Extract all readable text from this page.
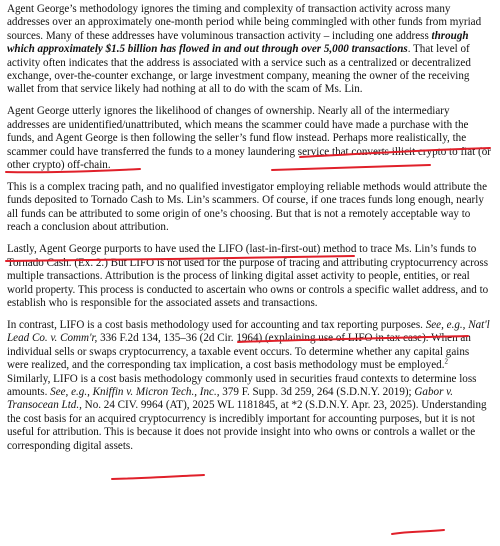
Agent George’s methodology ignores the timing and complexity of transaction activity across many addresses over an approximately one-month period while being commingled with other funds from myriad sources. Many of these addresses have voluminous transaction activity – including one address through which approximately $1.5 billion has flowed in and out through over 5,000 transactions. That level of activity often indicates that the address is associated with a service such as a centralized or decentralized exchange, over-the-counter exchange, or large investment company, meaning the owner of the receiving wallet from that service likely had nothing at all to do with the scam of Ms. Lin.

Agent George utterly ignores the likelihood of changes of ownership. Nearly all of the intermediary addresses are unidentified/unattributed, which means the scammer could have made a purchase with the funds, and Agent George is then following the seller’s fund flow instead. Perhaps more realistically, the scammer could have transferred the funds to a money laundering service that converts illicit crypto to fiat (or other crypto) off-chain.

This is a complex tracing path, and no qualified investigator employing reliable methods would attribute the funds deposited to Tornado Cash to Ms. Lin’s scammers. Of course, if one traces funds long enough, nearly all funds can be attributed to some origin of one’s choosing. But that is not a remotely acceptable way to reach a conclusion about attribution.

Lastly, Agent George purports to have used the LIFO (last-in-first-out) method to trace Ms. Lin’s funds to Tornado Cash. (Ex. 2.) But LIFO is not used for the purpose of tracing and attributing cryptocurrency across multiple transactions. Attribution is the process of linking digital asset activity to people, entities, or real world property. This process is conducted to ascertain who owns or controls a specific wallet address, and to establish who is responsible for the associated assets and transactions.

In contrast, LIFO is a cost basis methodology used for accounting and tax reporting purposes. See, e.g., Nat'l Lead Co. v. Comm'r, 336 F.2d 134, 135–36 (2d Cir. 1964) (explaining use of LIFO in tax case). When an individual sells or swaps cryptocurrency, a taxable event occurs. To determine whether any capital gains were realized, and the corresponding tax implication, a cost basis methodology must be employed.$^2$ Similarly, LIFO is a cost basis methodology commonly used in securities fraud contexts to determine loss amounts. See, e.g., Kniffin v. Micron Tech., Inc., 379 F. Supp. 3d 259, 264 (S.D.N.Y. 2019); Gabor v. Transocean Ltd., No. 24 CIV. 9964 (AT), 2025 WL 1181845, at *2 (S.D.N.Y. Apr. 23, 2025). Understanding the cost basis for an acquired cryptocurrency is incredibly important for accounting purposes, but it is not useful for attribution. This is because it does not provide insight into who owns or controls a wallet or the corresponding digital assets.
